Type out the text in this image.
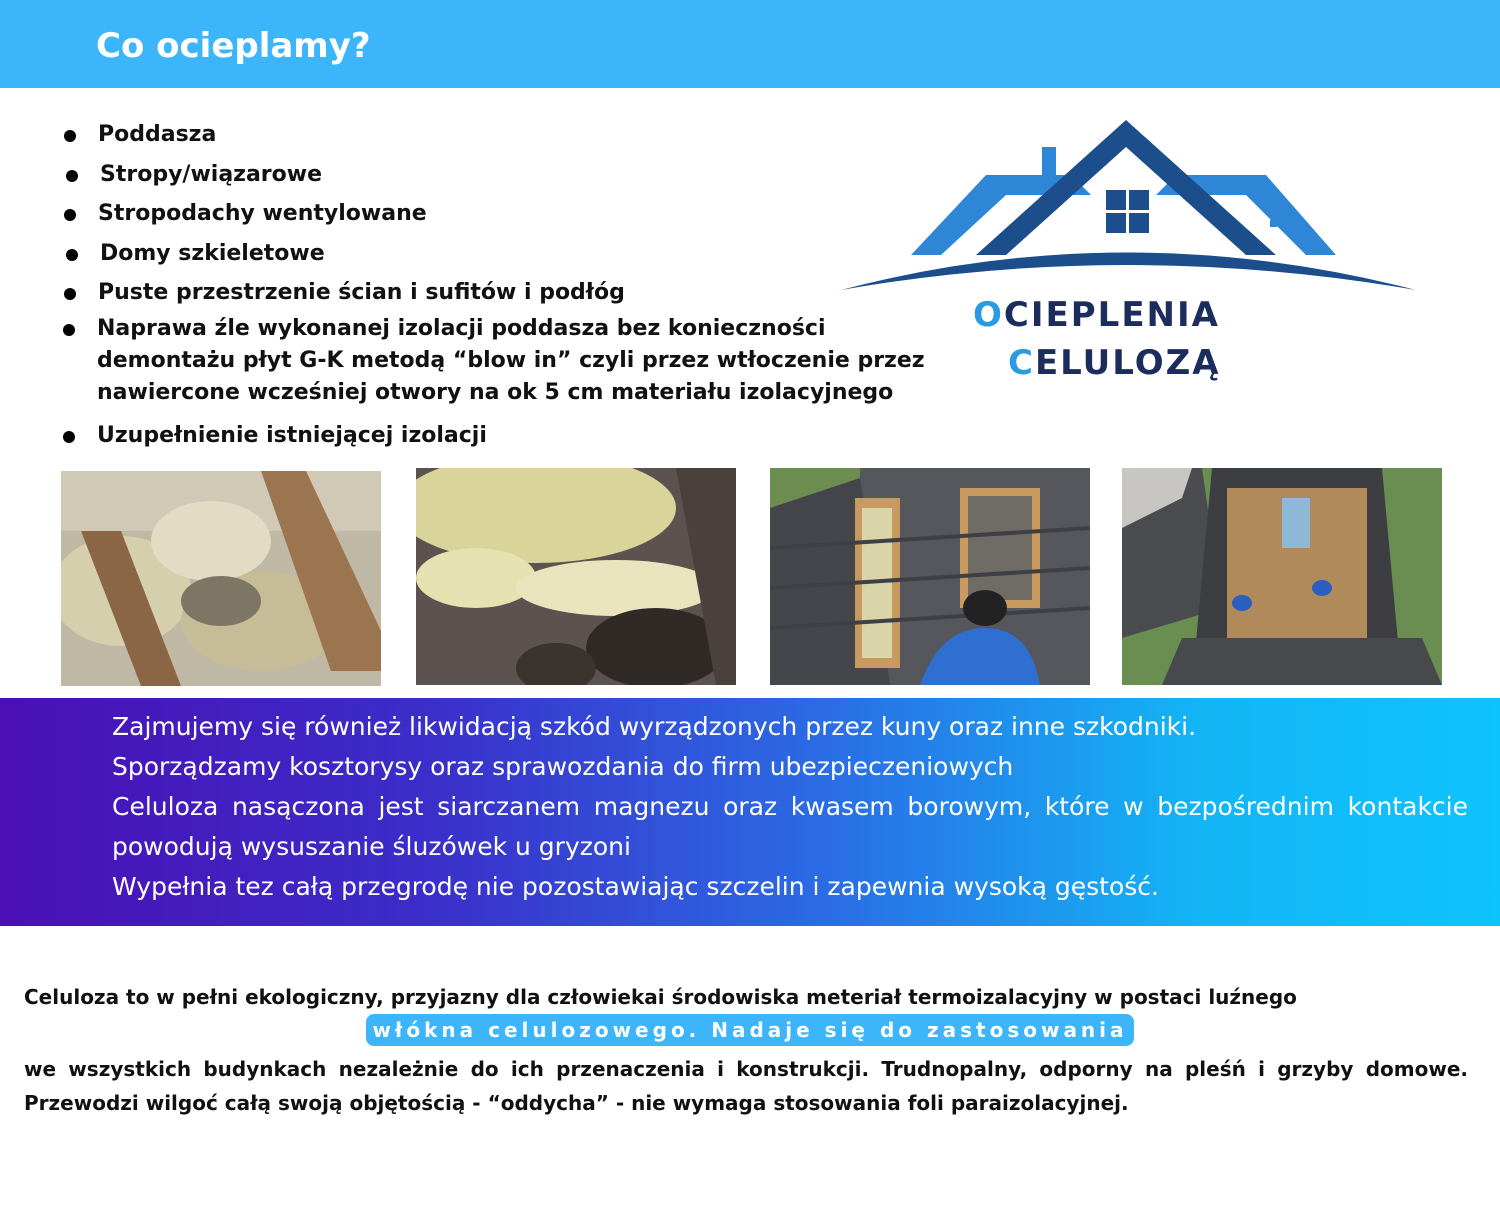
Co ocieplamy?
Poddasza
Stropy/wiązarowe
Stropodachy wentylowane
Domy szkieletowe
Puste przestrzenie ścian i sufitów i podłóg
Naprawa źle wykonanej izolacji poddasza bez konieczności demontażu płyt G-K metodą “blow in” czyli przez wtłoczenie przez nawiercone wcześniej otwory na ok 5 cm materiału izolacyjnego
Uzupełnienie istniejącej izolacji
OCIEPLENIA
CELULOZĄ

Zajmujemy się również likwidacją szkód wyrządzonych przez kuny oraz inne szkodniki.

Sporządzamy kosztorysy oraz sprawozdania do firm ubezpieczeniowych

Celuloza nasączona jest siarczanem magnezu oraz kwasem borowym, które w bezpośrednim kontakcie powodują wysuszanie śluzówek u gryzoni

Wypełnia tez całą przegrodę nie pozostawiając szczelin i zapewnia wysoką gęstość.

Celuloza to w pełni ekologiczny, przyjazny dla człowiekai środowiska meteriał termoizalacyjny w postaci luźnego
włókna celulozowego. Nadaje się do zastosowania
we wszystkich budynkach nezależnie do ich przenaczenia i konstrukcji. Trudnopalny, odporny na pleśń i grzyby domowe. Przewodzi wilgoć całą swoją objętością - “oddycha” - nie wymaga stosowania foli paraizolacyjnej.
